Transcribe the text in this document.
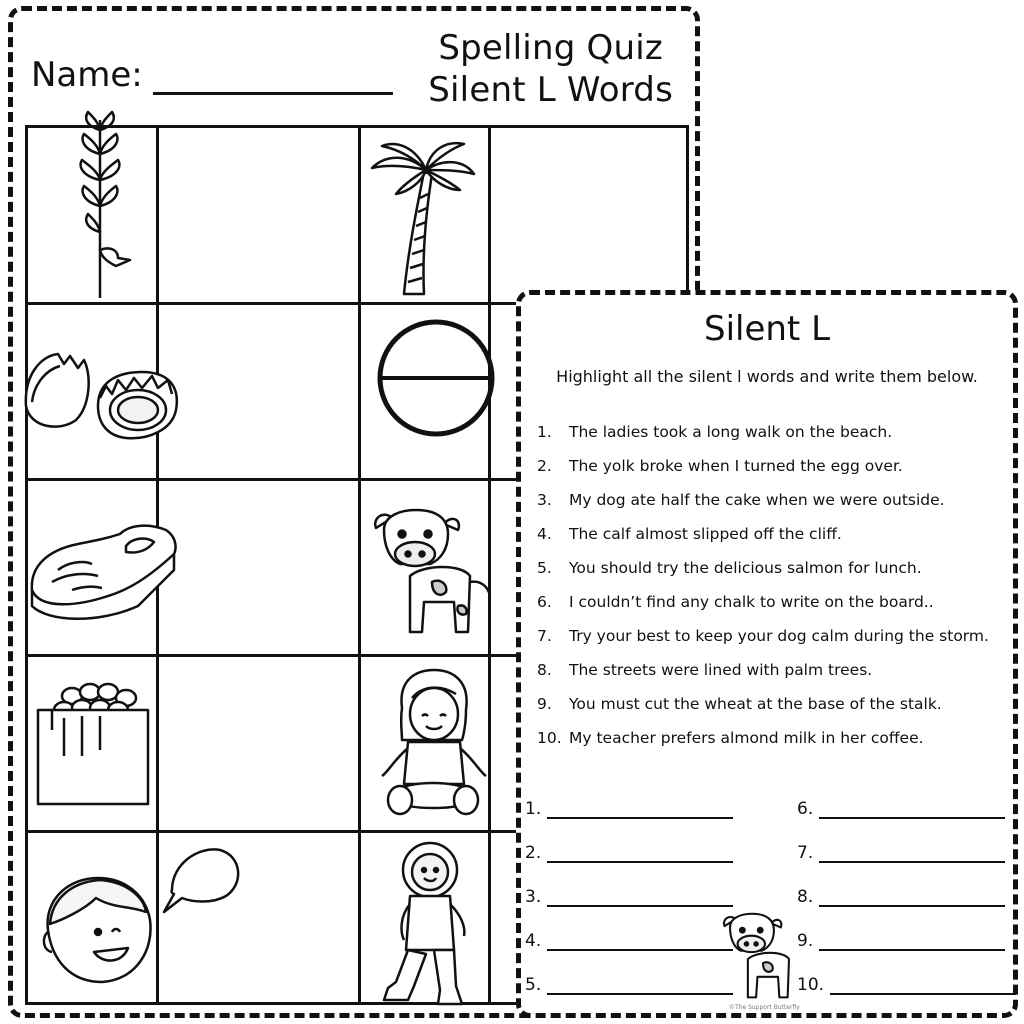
Spelling Quiz
Silent L Words
Name:
Silent L
Highlight all the silent l words and write them below.
1.	The ladies took a long walk on the beach.
2.	The yolk broke when I turned the egg over.
3.	My dog ate half the cake when we were outside.
4.	The calf almost slipped off the cliff.
5.	You should try the delicious salmon for lunch.
6.	I couldn’t find any chalk to write on the board..
7.	Try your best to keep your dog calm during the storm.
8.	The streets were lined with palm trees.
9.	You must cut the wheat at the base of the stalk.
10. My teacher prefers almond milk in her coffee.
1.
2.
3.
4.
5.
6.
7.
8.
9.
10.
©The Support Butterfly
